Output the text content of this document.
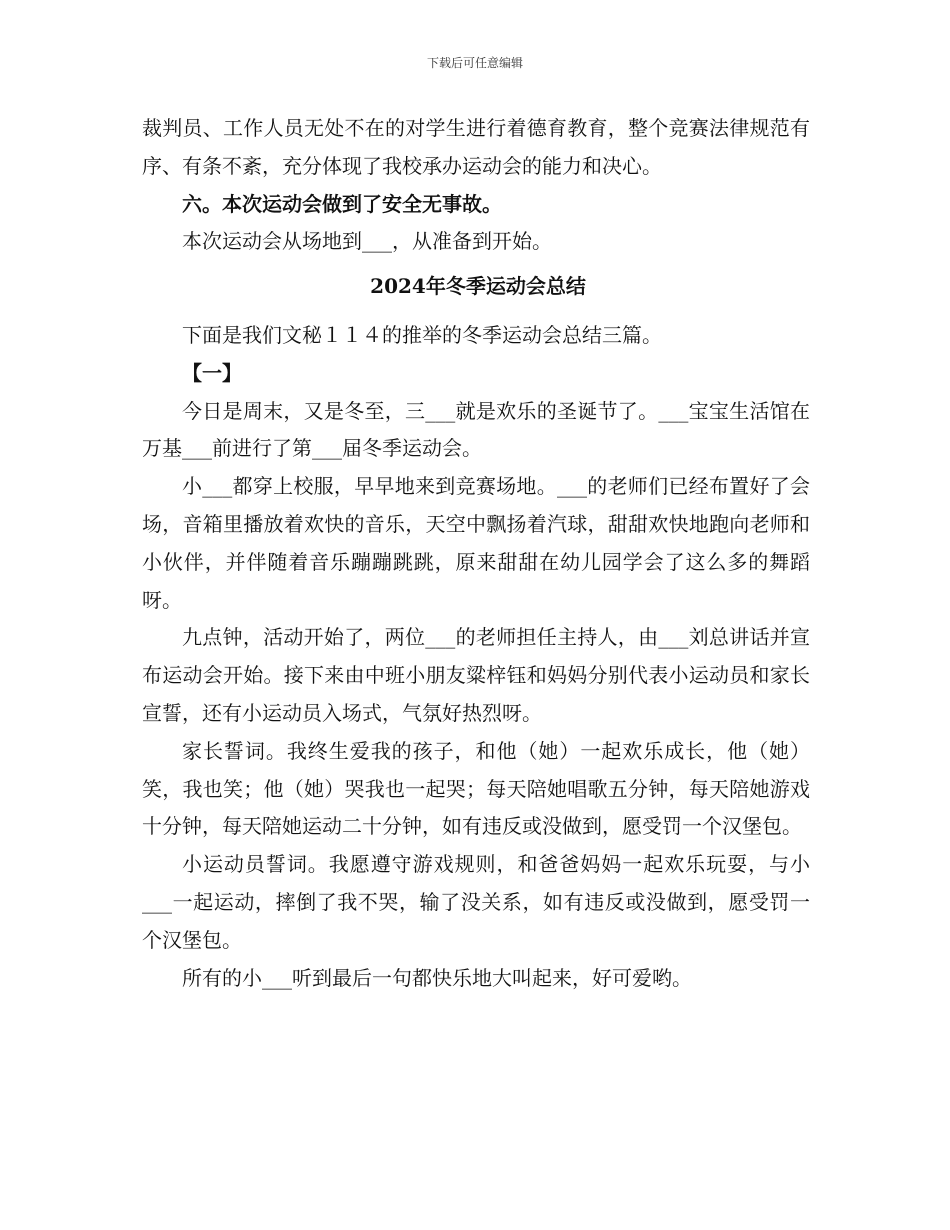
下载后可任意编辑

裁判员、工作人员无处不在的对学生进行着德育教育，整个竞赛法律规范有序、有条不紊，充分体现了我校承办运动会的能力和决心。

六。本次运动会做到了安全无事故。

本次运动会从场地到___，从准备到开始。

2024年冬季运动会总结

下面是我们文秘１１４的推举的冬季运动会总结三篇。

【一】

今日是周末，又是冬至，三___就是欢乐的圣诞节了。___宝宝生活馆在万基___前进行了第___届冬季运动会。

小___都穿上校服，早早地来到竞赛场地。___的老师们已经布置好了会场，音箱里播放着欢快的音乐，天空中飘扬着汽球，甜甜欢快地跑向老师和小伙伴，并伴随着音乐蹦蹦跳跳，原来甜甜在幼儿园学会了这么多的舞蹈呀。

九点钟，活动开始了，两位___的老师担任主持人，由___刘总讲话并宣布运动会开始。接下来由中班小朋友粱梓钰和妈妈分别代表小运动员和家长宣誓，还有小运动员入场式，气氛好热烈呀。

家长誓词。我终生爱我的孩子，和他（她）一起欢乐成长，他（她）笑，我也笑；他（她）哭我也一起哭；每天陪她唱歌五分钟，每天陪她游戏十分钟，每天陪她运动二十分钟，如有违反或没做到，愿受罚一个汉堡包。

小运动员誓词。我愿遵守游戏规则，和爸爸妈妈一起欢乐玩耍，与小___一起运动，摔倒了我不哭，输了没关系，如有违反或没做到，愿受罚一个汉堡包。

所有的小___听到最后一句都快乐地大叫起来，好可爱哟。
